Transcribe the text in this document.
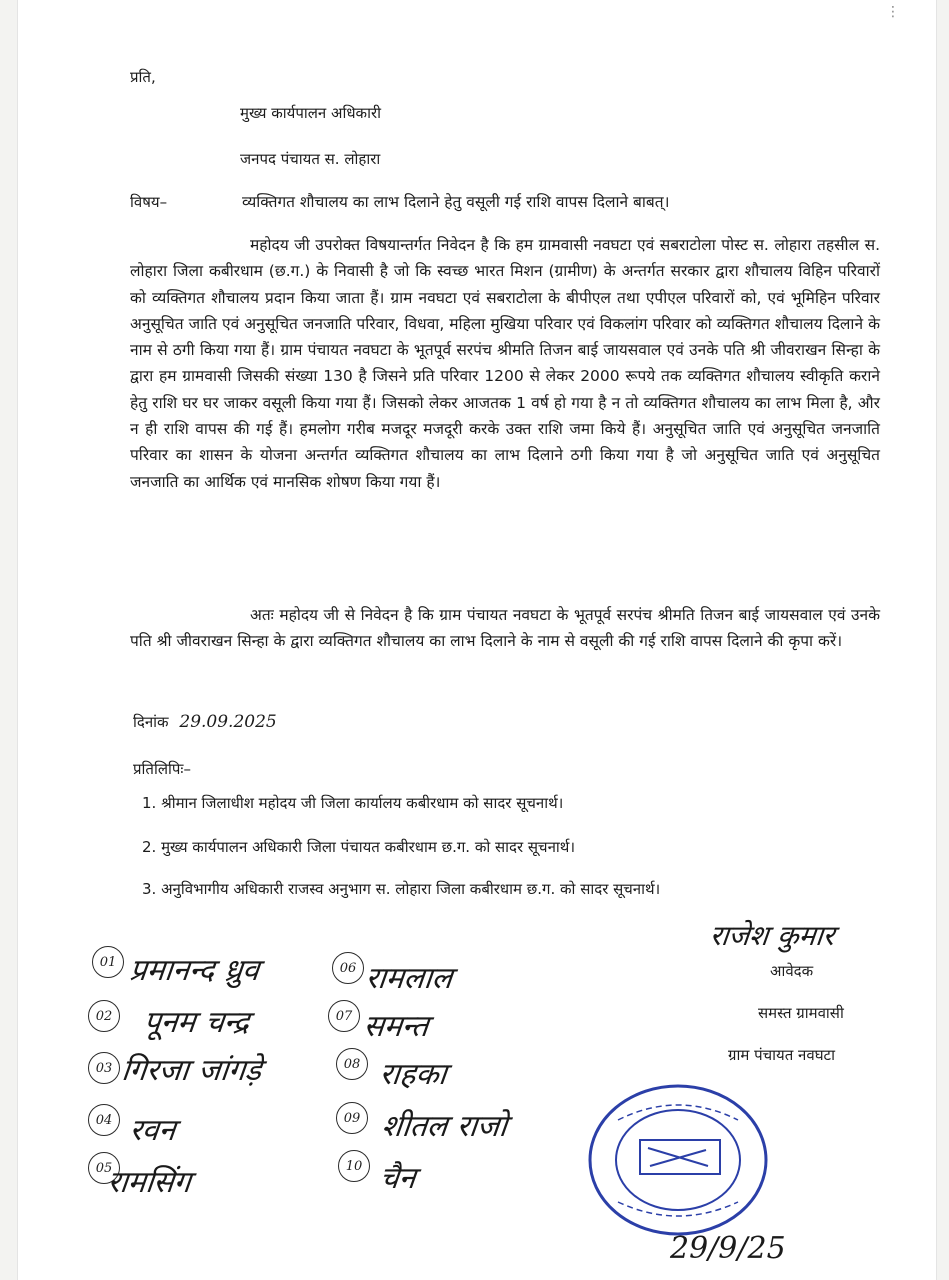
⋮
प्रति,
मुख्य कार्यपालन अधिकारी
जनपद पंचायत स. लोहारा
विषय–	व्यक्तिगत शौचालय का लाभ दिलाने हेतु वसूली गई राशि वापस दिलाने बाबत्।
महोदय जी उपरोक्त विषयान्तर्गत निवेदन है कि हम ग्रामवासी नवघटा एवं सबराटोला पोस्ट स. लोहारा तहसील स. लोहारा जिला कबीरधाम (छ.ग.) के निवासी है जो कि स्वच्छ भारत मिशन (ग्रामीण) के अन्तर्गत सरकार द्वारा शौचालय विहिन परिवारों को व्यक्तिगत शौचालय प्रदान किया जाता हैं। ग्राम नवघटा एवं सबराटोला के बीपीएल तथा एपीएल परिवारों को, एवं भूमिहिन परिवार अनुसूचित जाति एवं अनुसूचित जनजाति परिवार, विधवा, महिला मुखिया परिवार एवं विकलांग परिवार को व्यक्तिगत शौचालय दिलाने के नाम से ठगी किया गया हैं। ग्राम पंचायत नवघटा के भूतपूर्व सरपंच श्रीमति तिजन बाई जायसवाल एवं उनके पति श्री जीवराखन सिन्हा के द्वारा हम ग्रामवासी जिसकी संख्या 130 है जिसने प्रति परिवार 1200 से लेकर 2000 रूपये तक व्यक्तिगत शौचालय स्वीकृति कराने हेतु राशि घर घर जाकर वसूली किया गया हैं। जिसको लेकर आजतक 1 वर्ष हो गया है न तो व्यक्तिगत शौचालय का लाभ मिला है, और न ही राशि वापस की गई हैं। हमलोग गरीब मजदूर मजदूरी करके उक्त राशि जमा किये हैं। अनुसूचित जाति एवं अनुसूचित जनजाति परिवार का शासन के योजना अन्तर्गत व्यक्तिगत शौचालय का लाभ दिलाने ठगी किया गया है जो अनुसूचित जाति एवं अनुसूचित जनजाति का आर्थिक एवं मानसिक शोषण किया गया हैं।
अतः महोदय जी से निवेदन है कि ग्राम पंचायत नवघटा के भूतपूर्व सरपंच श्रीमति तिजन बाई जायसवाल एवं उनके पति श्री जीवराखन सिन्हा के द्वारा व्यक्तिगत शौचालय का लाभ दिलाने के नाम से वसूली की गई राशि वापस दिलाने की कृपा करें।
दिनांक 29.09.2025
प्रतिलिपिः–
1. श्रीमान जिलाधीश महोदय जी जिला कार्यालय कबीरधाम को सादर सूचनार्थ।
2. मुख्य कार्यपालन अधिकारी जिला पंचायत कबीरधाम छ.ग. को सादर सूचनार्थ।
3. अनुविभागीय अधिकारी राजस्व अनुभाग स. लोहारा जिला कबीरधाम छ.ग. को सादर सूचनार्थ।
राजेश कुमार
आवेदक
समस्त ग्रामवासी
ग्राम पंचायत नवघटा
01 प्रमानन्द ध्रुव
02 पूनम चन्द्र
03 गिरजा जांगड़े
04 रवन
05
रामसिंग
06 रामलाल
07 समन्त
08 राहका
09 शीतल राजो
10 चैन
29/9/25
